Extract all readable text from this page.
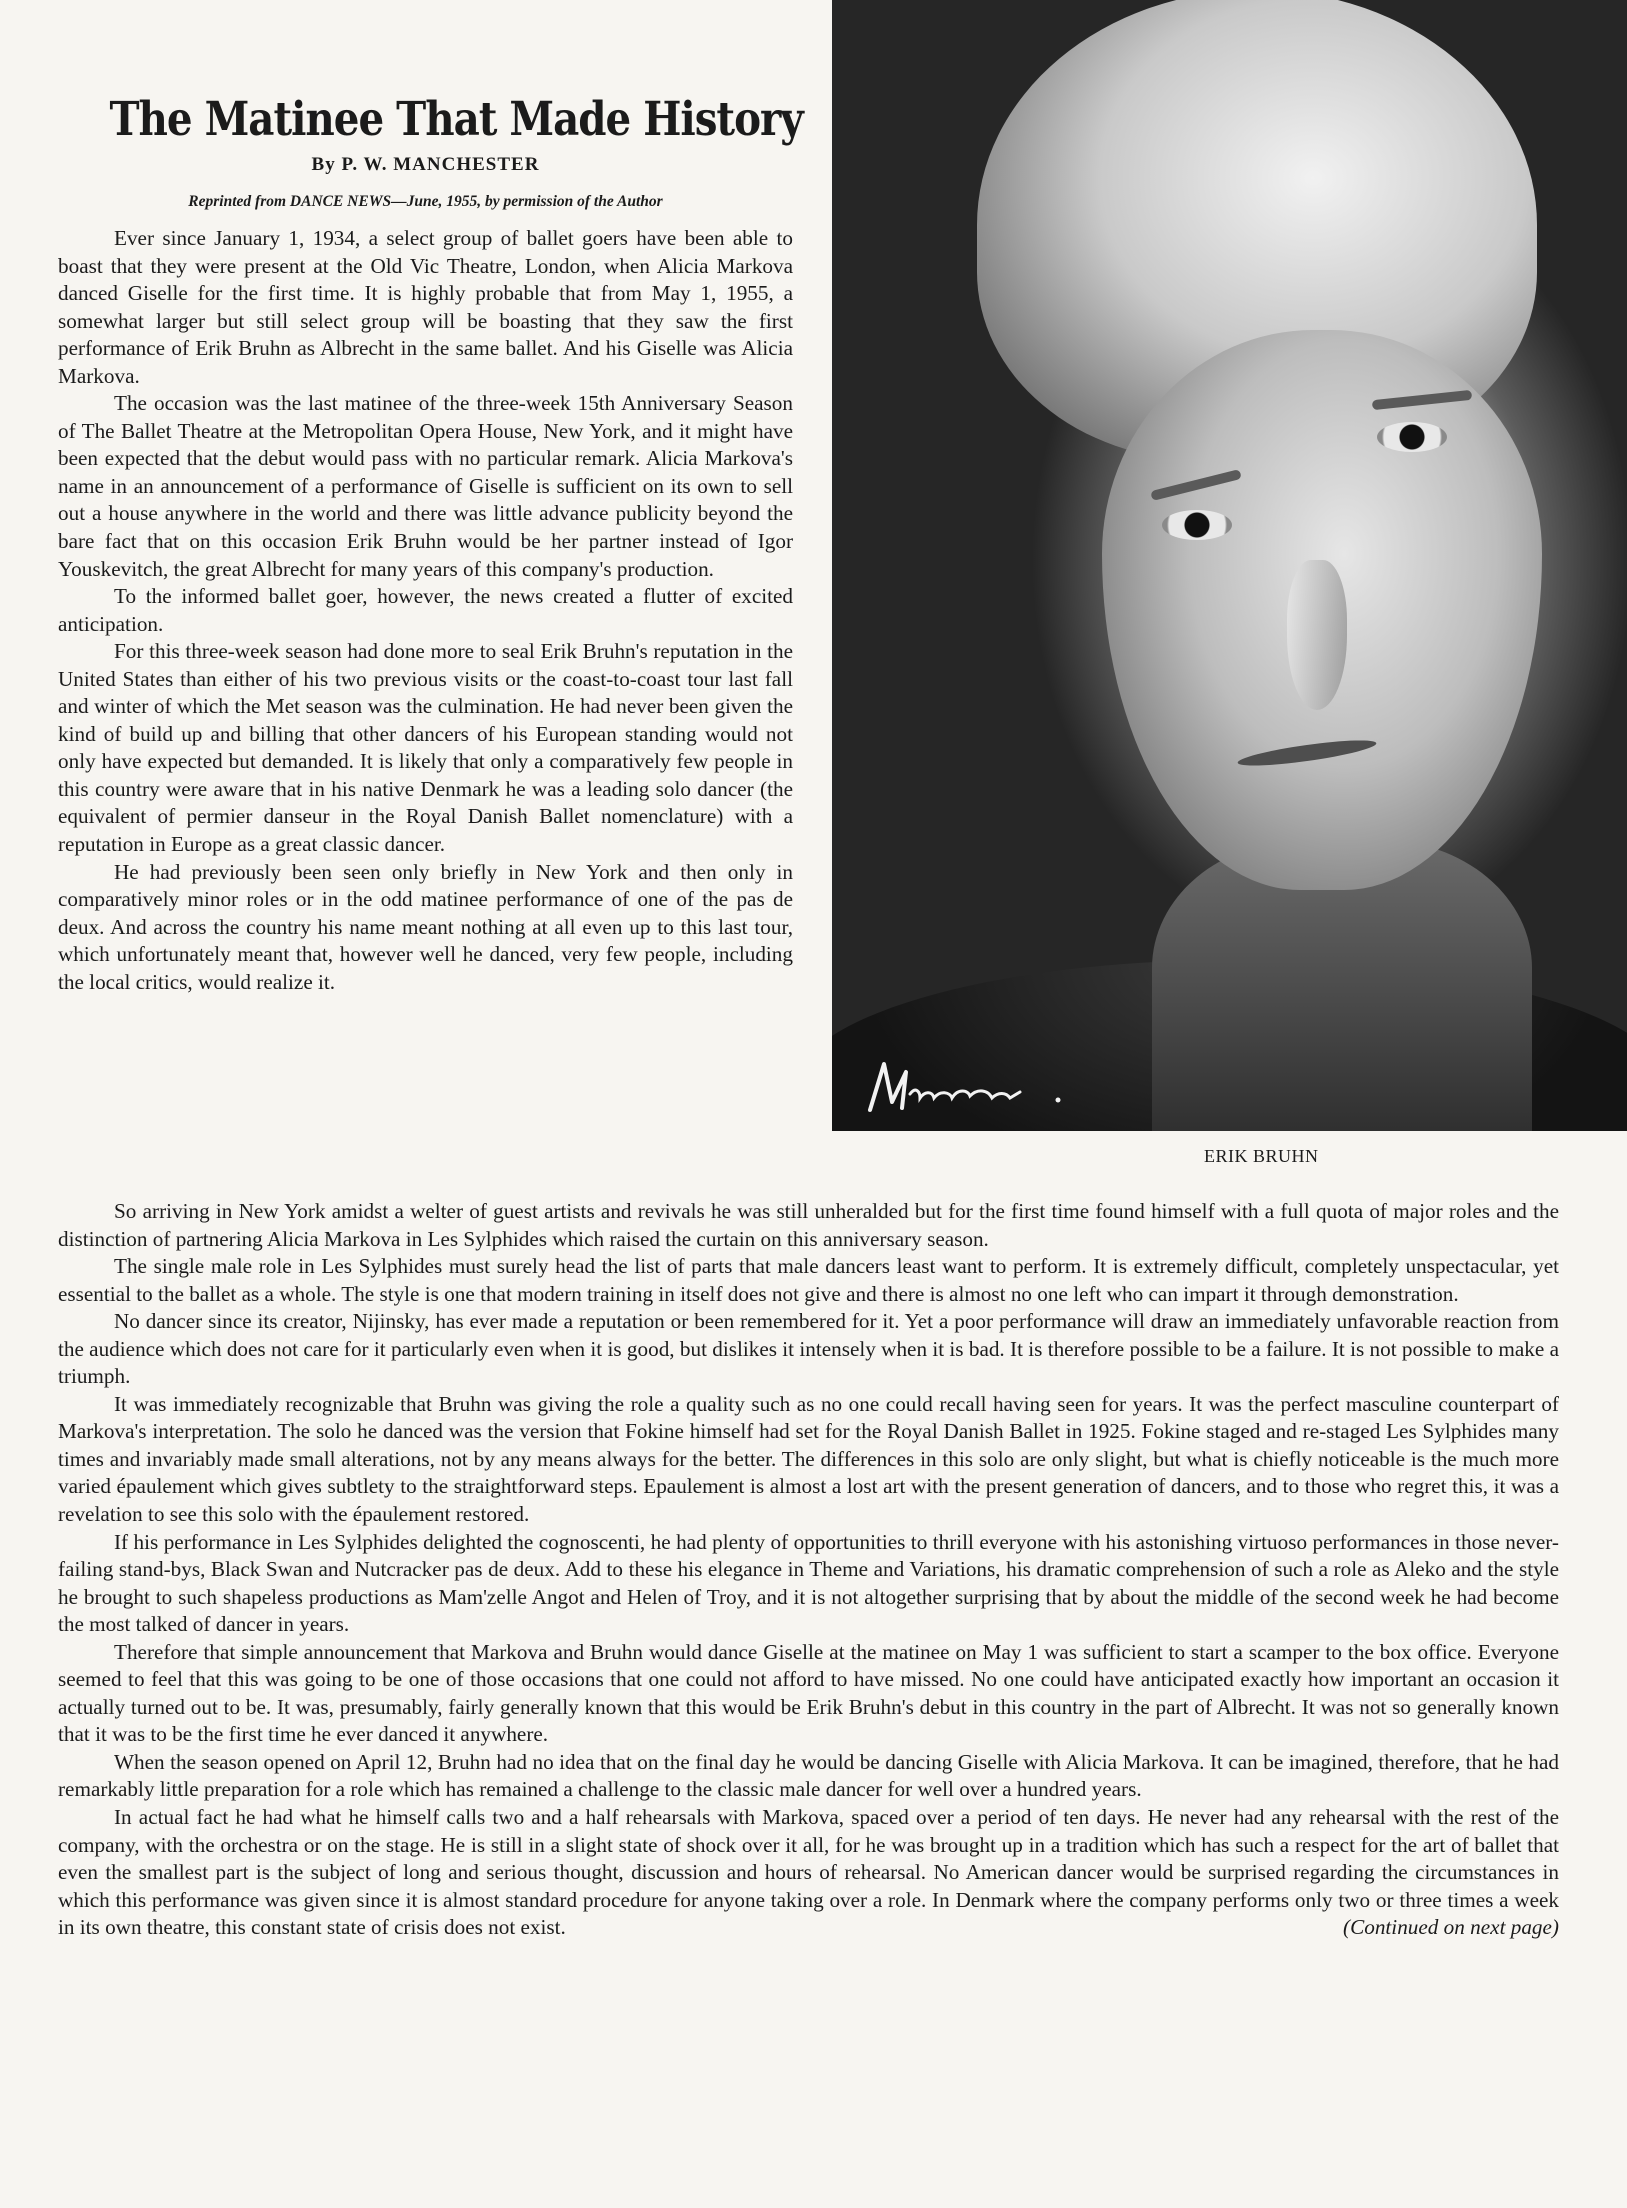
The Matinee That Made History
By P. W. MANCHESTER
Reprinted from DANCE NEWS—June, 1955, by permission of the Author

Ever since January 1, 1934, a select group of ballet goers have been able to boast that they were present at the Old Vic Theatre, London, when Alicia Markova danced Giselle for the first time. It is highly probable that from May 1, 1955, a somewhat larger but still select group will be boasting that they saw the first performance of Erik Bruhn as Albrecht in the same ballet. And his Giselle was Alicia Markova.

The occasion was the last matinee of the three-week 15th Anniversary Season of The Ballet Theatre at the Metropolitan Opera House, New York, and it might have been expected that the debut would pass with no particular remark. Alicia Markova's name in an announcement of a performance of Giselle is sufficient on its own to sell out a house anywhere in the world and there was little advance publicity beyond the bare fact that on this occasion Erik Bruhn would be her partner instead of Igor Youskevitch, the great Albrecht for many years of this company's production.

To the informed ballet goer, however, the news created a flutter of excited anticipation.

For this three-week season had done more to seal Erik Bruhn's reputation in the United States than either of his two previous visits or the coast-to-coast tour last fall and winter of which the Met season was the culmination. He had never been given the kind of build up and billing that other dancers of his European standing would not only have expected but demanded. It is likely that only a comparatively few people in this country were aware that in his native Denmark he was a leading solo dancer (the equivalent of permier danseur in the Royal Danish Ballet nomenclature) with a reputation in Europe as a great classic dancer.

He had previously been seen only briefly in New York and then only in comparatively minor roles or in the odd matinee performance of one of the pas de deux. And across the country his name meant nothing at all even up to this last tour, which unfortunately meant that, however well he danced, very few people, including the local critics, would realize it.

ERIK BRUHN

So arriving in New York amidst a welter of guest artists and revivals he was still unheralded but for the first time found himself with a full quota of major roles and the distinction of partnering Alicia Markova in Les Sylphides which raised the curtain on this anniversary season.

The single male role in Les Sylphides must surely head the list of parts that male dancers least want to perform. It is extremely difficult, completely unspectacular, yet essential to the ballet as a whole. The style is one that modern training in itself does not give and there is almost no one left who can impart it through demonstration.

No dancer since its creator, Nijinsky, has ever made a reputation or been remembered for it. Yet a poor performance will draw an immediately unfavorable reaction from the audience which does not care for it particularly even when it is good, but dislikes it intensely when it is bad. It is therefore possible to be a failure. It is not possible to make a triumph.

It was immediately recognizable that Bruhn was giving the role a quality such as no one could recall having seen for years. It was the perfect masculine counterpart of Markova's interpretation. The solo he danced was the version that Fokine himself had set for the Royal Danish Ballet in 1925. Fokine staged and re-staged Les Sylphides many times and invariably made small alterations, not by any means always for the better. The differences in this solo are only slight, but what is chiefly noticeable is the much more varied épaulement which gives subtlety to the straightforward steps. Epaulement is almost a lost art with the present generation of dancers, and to those who regret this, it was a revelation to see this solo with the épaulement restored.

If his performance in Les Sylphides delighted the cognoscenti, he had plenty of opportunities to thrill everyone with his astonishing virtuoso performances in those never-failing stand-bys, Black Swan and Nutcracker pas de deux. Add to these his elegance in Theme and Variations, his dramatic comprehension of such a role as Aleko and the style he brought to such shapeless productions as Mam'zelle Angot and Helen of Troy, and it is not altogether surprising that by about the middle of the second week he had become the most talked of dancer in years.

Therefore that simple announcement that Markova and Bruhn would dance Giselle at the matinee on May 1 was sufficient to start a scamper to the box office. Everyone seemed to feel that this was going to be one of those occasions that one could not afford to have missed. No one could have anticipated exactly how important an occasion it actually turned out to be. It was, presumably, fairly generally known that this would be Erik Bruhn's debut in this country in the part of Albrecht. It was not so generally known that it was to be the first time he ever danced it anywhere.

When the season opened on April 12, Bruhn had no idea that on the final day he would be dancing Giselle with Alicia Markova. It can be imagined, therefore, that he had remarkably little preparation for a role which has remained a challenge to the classic male dancer for well over a hundred years.

In actual fact he had what he himself calls two and a half rehearsals with Markova, spaced over a period of ten days. He never had any rehearsal with the rest of the company, with the orchestra or on the stage. He is still in a slight state of shock over it all, for he was brought up in a tradition which has such a respect for the art of ballet that even the smallest part is the subject of long and serious thought, discussion and hours of rehearsal. No American dancer would be surprised regarding the circumstances in which this performance was given since it is almost standard procedure for anyone taking over a role. In Denmark where the company performs only two or three times a week in its own theatre, this constant state of crisis does not exist.	(Continued on next page)
